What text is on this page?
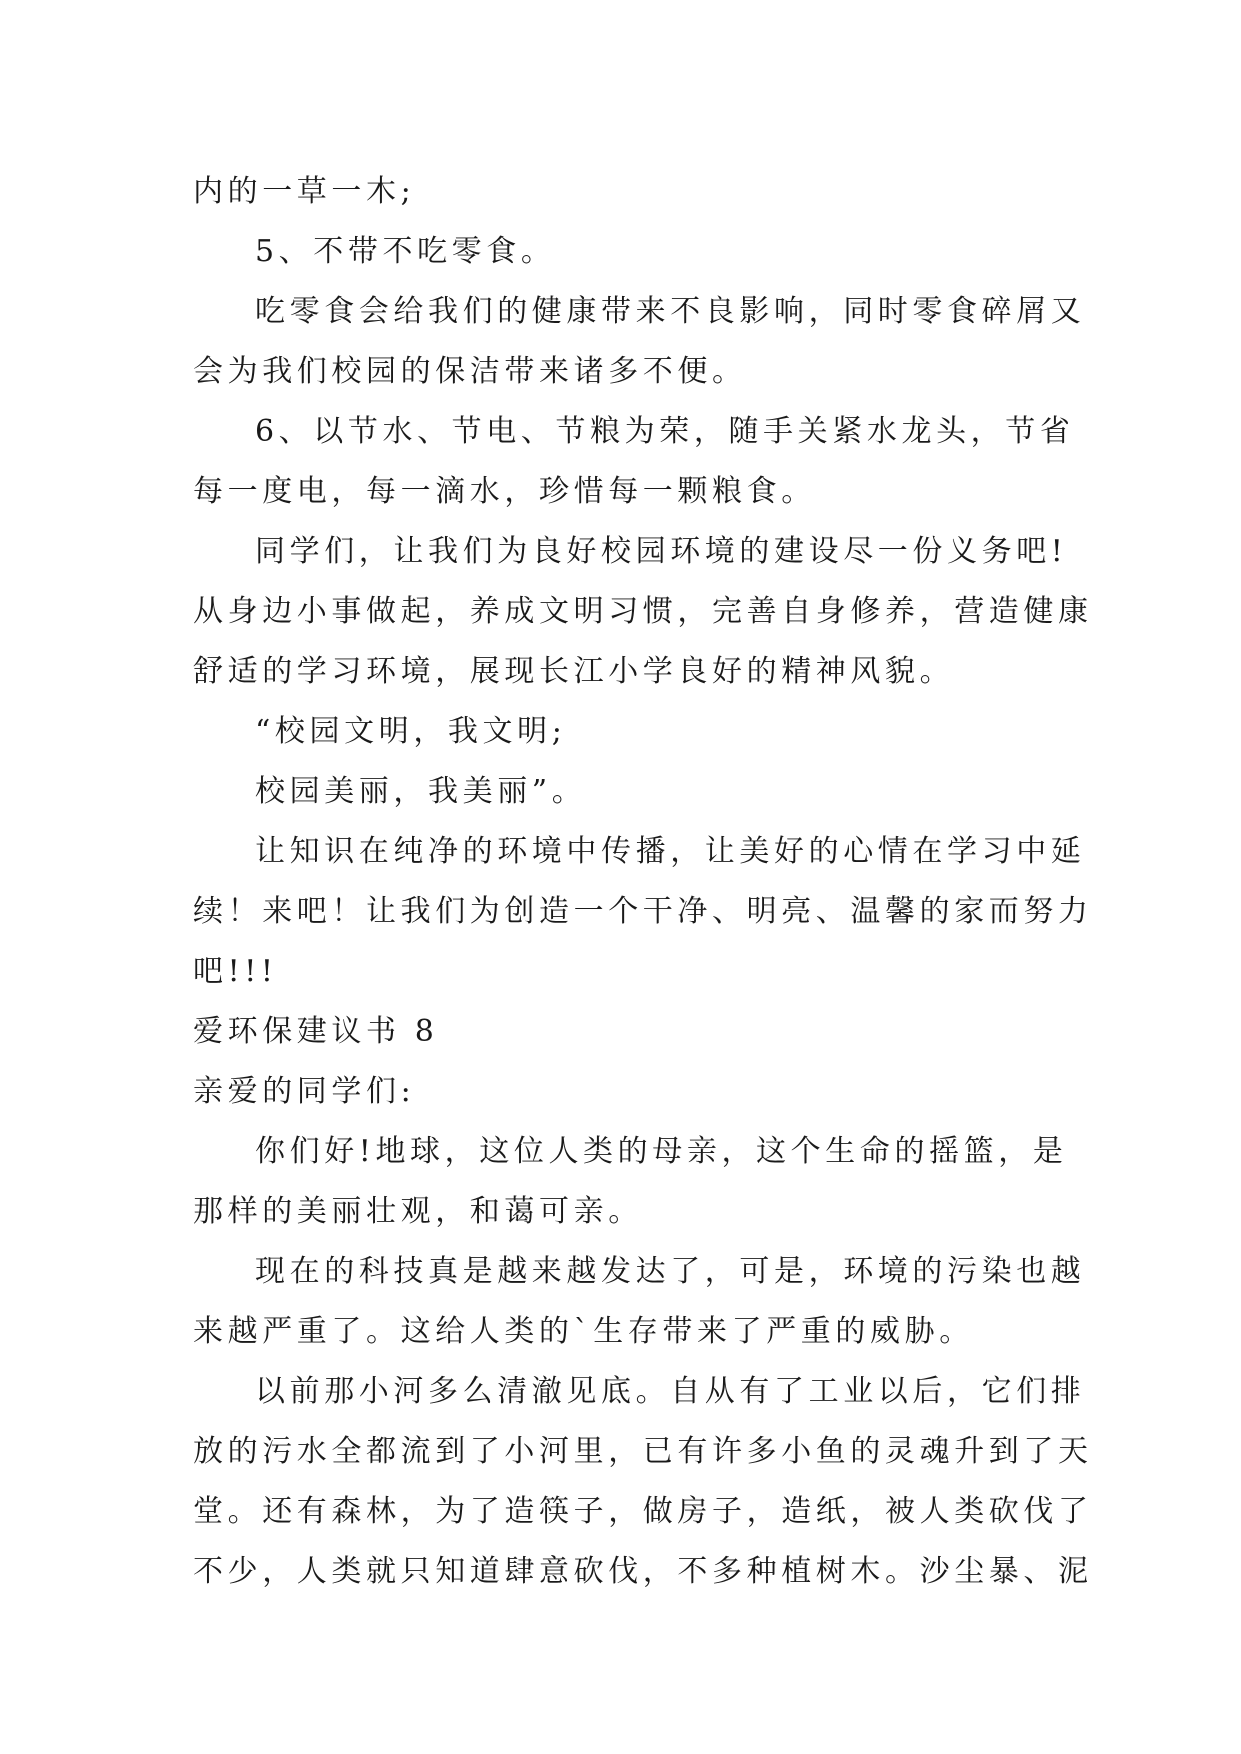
内的一草一木;
5、不带不吃零食。
吃零食会给我们的健康带来不良影响，同时零食碎屑又
会为我们校园的保洁带来诸多不便。
6、以节水、节电、节粮为荣，随手关紧水龙头，节省
每一度电，每一滴水，珍惜每一颗粮食。
同学们，让我们为良好校园环境的建设尽一份义务吧!
从身边小事做起，养成文明习惯，完善自身修养，营造健康
舒适的学习环境，展现长江小学良好的精神风貌。
“校园文明，我文明;
校园美丽，我美丽”。
让知识在纯净的环境中传播，让美好的心情在学习中延
续！来吧！让我们为创造一个干净、明亮、温馨的家而努力
吧!!!
爱环保建议书 8
亲爱的同学们:
你们好!地球，这位人类的母亲，这个生命的摇篮，是
那样的美丽壮观，和蔼可亲。
现在的科技真是越来越发达了，可是，环境的污染也越
来越严重了。这给人类的`生存带来了严重的威胁。
以前那小河多么清澈见底。自从有了工业以后，它们排
放的污水全都流到了小河里，已有许多小鱼的灵魂升到了天
堂。还有森林，为了造筷子，做房子，造纸，被人类砍伐了
不少，人类就只知道肆意砍伐，不多种植树木。沙尘暴、泥
